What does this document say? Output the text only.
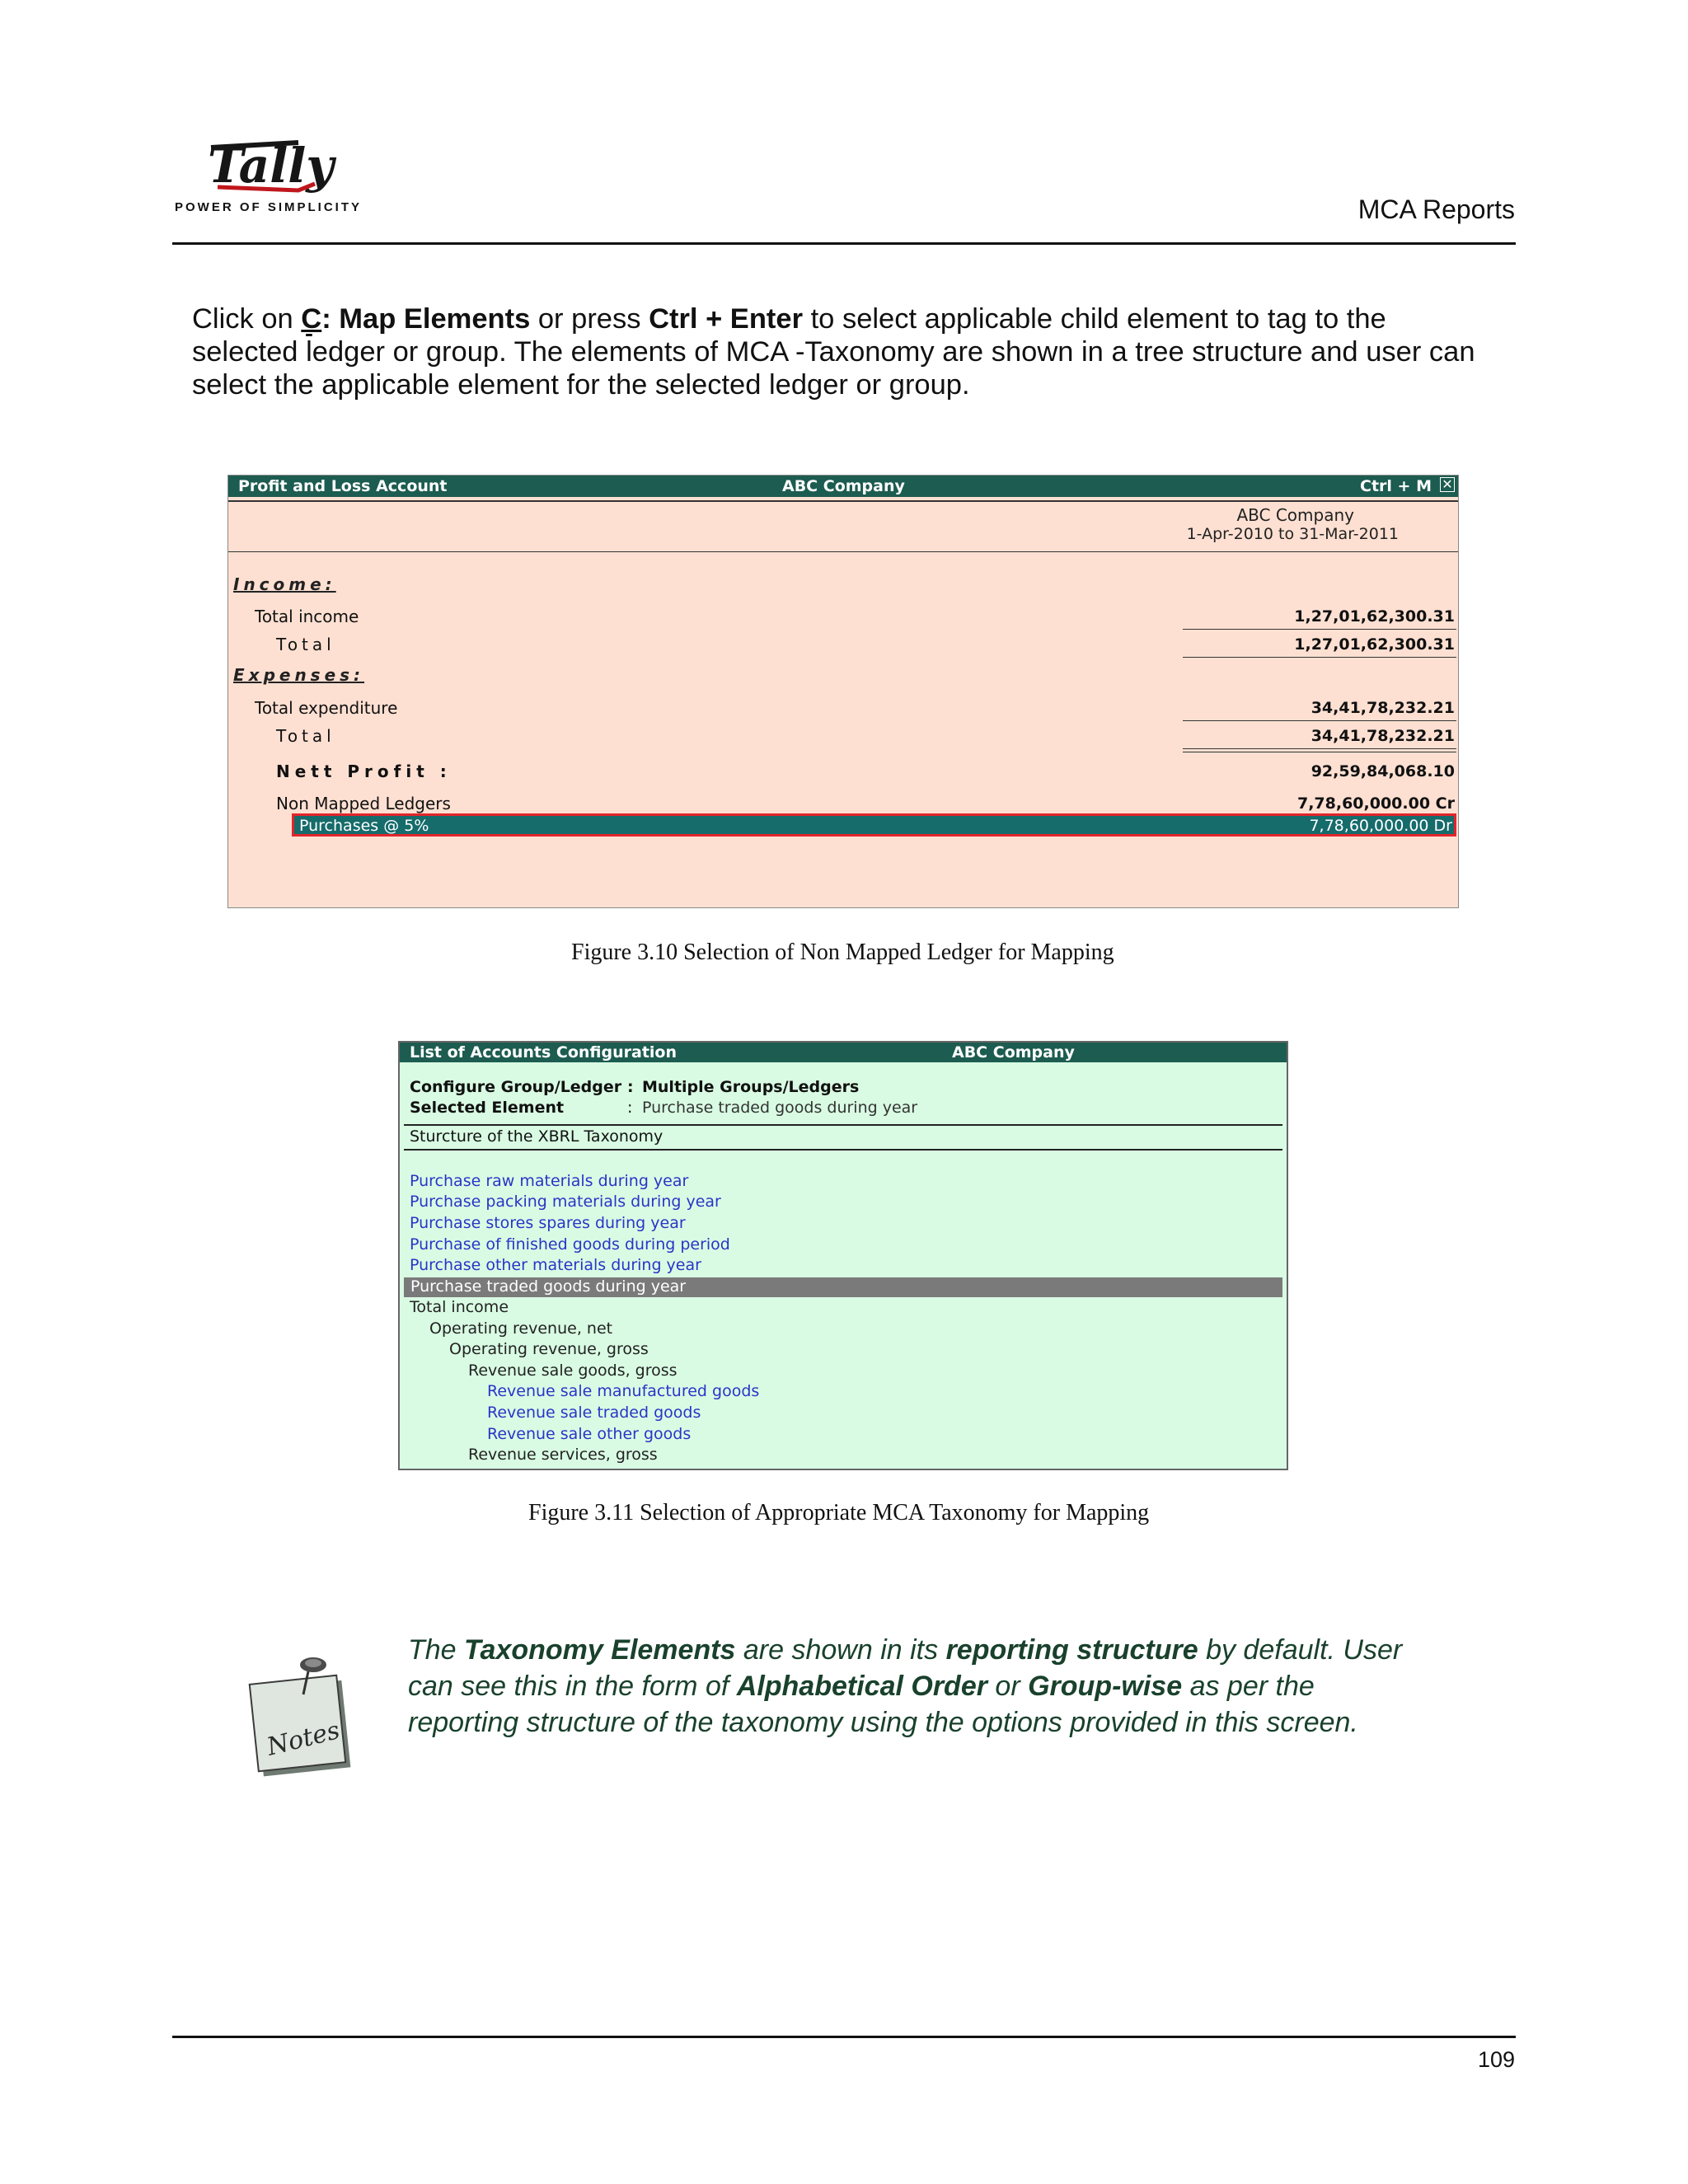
Tally
POWER OF SIMPLICITY	MCA Reports
Click on C: Map Elements or press Ctrl + Enter to select applicable child element to tag to the selected $\overline{l}edger$ or group. The elements of MCA -Taxonomy are shown in a tree structure and user can select the applicable element for the selected ledger or group.
Profit and Loss Account	ABC Company	Ctrl + M ✕
ABC Company
1-Apr-2010 to 31-Mar-2011
Income:
Total income	1,27,01,62,300.31
Total	1,27,01,62,300.31
Expenses:
Total expenditure	34,41,78,232.21
Total	34,41,78,232.21
Nett Profit :	92,59,84,068.10
Non Mapped Ledgers	7,78,60,000.00 Cr
Purchases @ 5%	7,78,60,000.00 Dr
Figure 3.10 Selection of Non Mapped Ledger for Mapping
List of Accounts Configuration	ABC Company
Configure Group/Ledger : Multiple Groups/Ledgers
Selected Element	: Purchase traded goods during year
Sturcture of the XBRL Taxonomy
Purchase raw materials during year
Purchase packing materials during year
Purchase stores spares during year
Purchase of finished goods during period
Purchase other materials during year
Purchase traded goods during year
Total income
Operating revenue, net
Operating revenue, gross
Revenue sale goods, gross
Revenue sale manufactured goods
Revenue sale traded goods
Revenue sale other goods
Revenue services, gross
Figure 3.11 Selection of Appropriate MCA Taxonomy for Mapping
Notes
The Taxonomy Elements are shown in its reporting structure by default. User can see this in the form of Alphabetical Order or Group-wise as per the reporting structure of the taxonomy using the options provided in this screen.
109
